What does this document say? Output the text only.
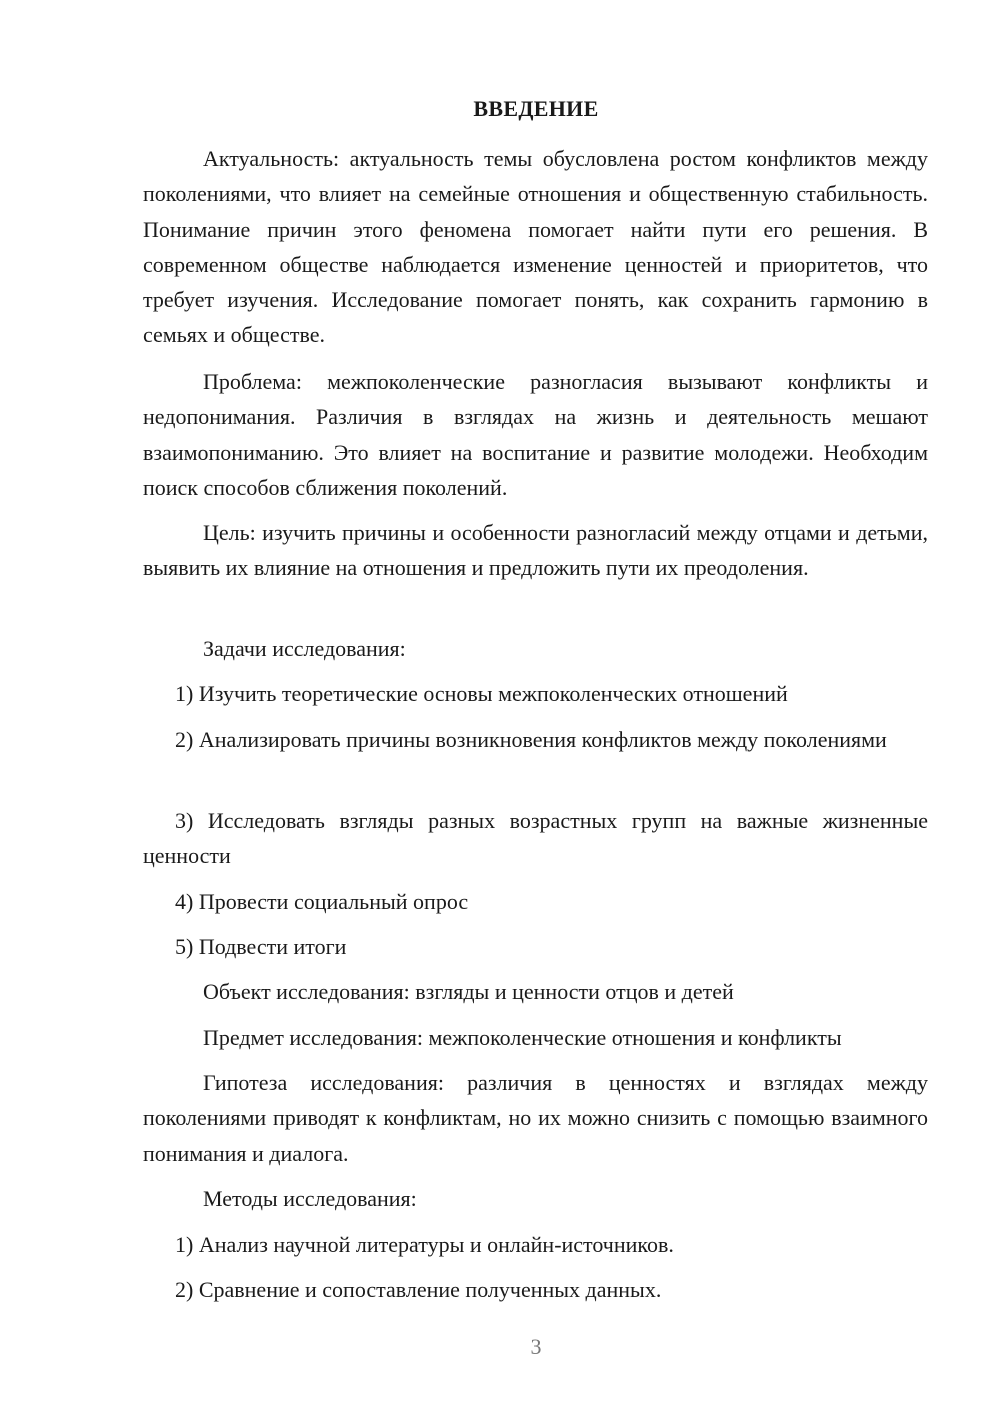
ВВЕДЕНИЕ

Актуальность: актуальность темы обусловлена ростом конфликтов между поколениями, что влияет на семейные отношения и общественную стабильность. Понимание причин этого феномена помогает найти пути его решения. В современном обществе наблюдается изменение ценностей и приоритетов, что требует изучения. Исследование помогает понять, как сохранить гармонию в семьях и обществе.

Проблема: межпоколенческие разногласия вызывают конфликты и недопонимания. Различия в взглядах на жизнь и деятельность мешают взаимопониманию. Это влияет на воспитание и развитие молодежи. Необходим поиск способов сближения поколений.

Цель: изучить причины и особенности разногласий между отцами и детьми, выявить их влияние на отношения и предложить пути их преодоления.

Задачи исследования:

1) Изучить теоретические основы межпоколенческих отношений

2) Анализировать причины возникновения конфликтов между поколениями

3) Исследовать взгляды разных возрастных групп на важные жизненные ценности

4) Провести социальный опрос

5) Подвести итоги

Объект исследования: взгляды и ценности отцов и детей

Предмет исследования: межпоколенческие отношения и конфликты

Гипотеза исследования: различия в ценностях и взглядах между поколениями приводят к конфликтам, но их можно снизить с помощью взаимного понимания и диалога.

Методы исследования:

1) Анализ научной литературы и онлайн-источников.

2) Сравнение и сопоставление полученных данных.

3
